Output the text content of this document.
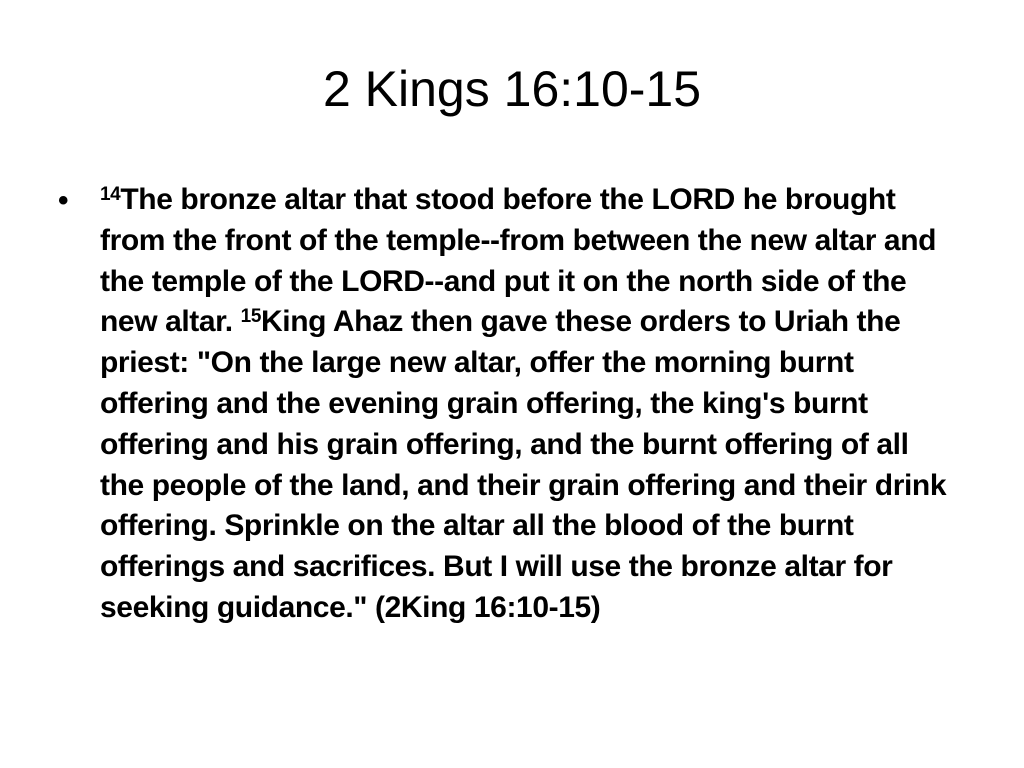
2 Kings 16:10-15
•	$^{14}$The bronze altar that stood before the LORD he brought from the front of the temple--from between the new altar and the temple of the LORD--and put it on the north side of the new altar. $^{15}$King Ahaz then gave these orders to Uriah the priest: "On the large new altar, offer the morning burnt offering and the evening grain offering, the king's burnt offering and his grain offering, and the burnt offering of all the people of the land, and their grain offering and their drink offering. Sprinkle on the altar all the blood of the burnt offerings and sacrifices. But I will use the bronze altar for seeking guidance." (2King 16:10-15)
